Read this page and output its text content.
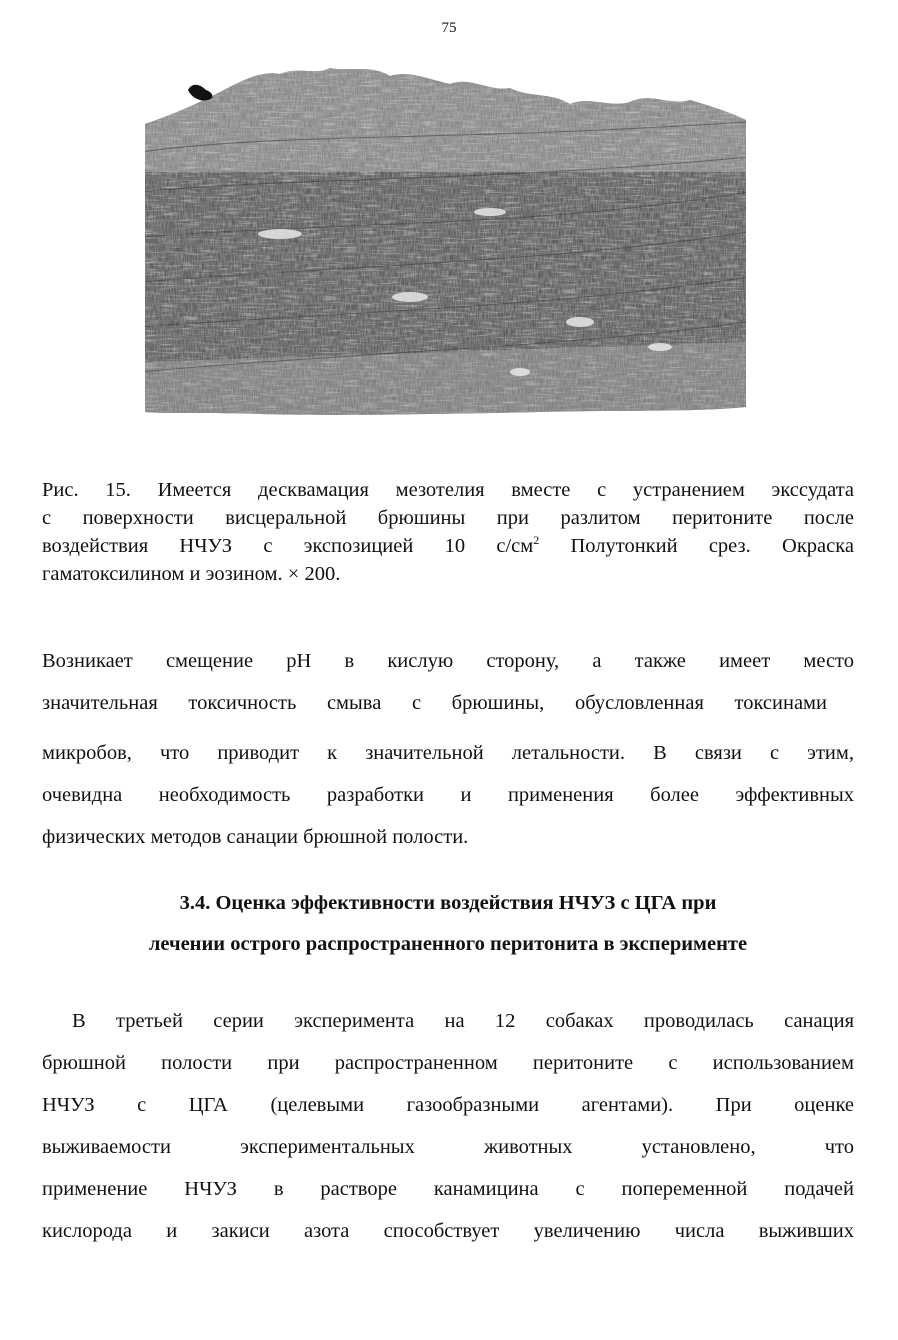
75
Рис. 15. Имеется десквамация мезотелия вместе с устранением экссудата
с поверхности висцеральной брюшины при разлитом перитоните после
воздействия НЧУЗ с экспозицией 10 $с/см^2$ Полутонкий срез. Окраска
гаматоксилином и эозином. × 200.
Возникает смещение рН в кислую сторону, а также имеет место
значительная токсичность смыва с брюшины, обусловленная токсинами
микробов, что приводит к значительной летальности. В связи с этим,
очевидна необходимость разработки и применения более эффективных
физических методов санации брюшной полости.
3.4. Оценка эффективности воздействия НЧУЗ с ЦГА при
лечении острого распространенного перитонита в эксперименте
В третьей серии эксперимента на 12 собаках проводилась санация
брюшной полости при распространенном перитоните с использованием
НЧУЗ с ЦГА (целевыми газообразными агентами). При оценке
выживаемости экспериментальных животных установлено, что
применение НЧУЗ в растворе канамицина с попеременной подачей
кислорода и закиси азота способствует увеличению числа выживших
